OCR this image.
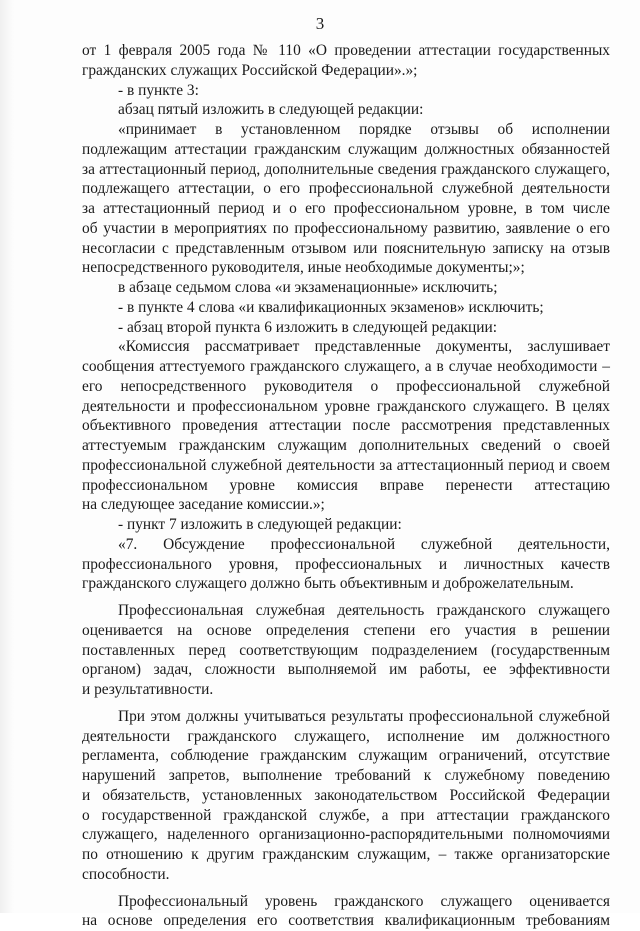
3
от 1 февраля 2005 года № 110 «О проведении аттестации государственных
гражданских служащих Российской Федерации».»;
- в пункте 3:
абзац пятый изложить в следующей редакции:
«принимает в установленном порядке отзывы об исполнении
подлежащим аттестации гражданским служащим должностных обязанностей
за аттестационный период, дополнительные сведения гражданского служащего,
подлежащего аттестации, о его профессиональной служебной деятельности
за аттестационный период и о его профессиональном уровне, в том числе
об участии в мероприятиях по профессиональному развитию, заявление о его
несогласии с представленным отзывом или пояснительную записку на отзыв
непосредственного руководителя, иные необходимые документы;»;
в абзаце седьмом слова «и экзаменационные» исключить;
- в пункте 4 слова «и квалификационных экзаменов» исключить;
- абзац второй пункта 6 изложить в следующей редакции:
«Комиссия рассматривает представленные документы, заслушивает
сообщения аттестуемого гражданского служащего, а в случае необходимости –
его непосредственного руководителя о профессиональной служебной
деятельности и профессиональном уровне гражданского служащего. В целях
объективного проведения аттестации после рассмотрения представленных
аттестуемым гражданским служащим дополнительных сведений о своей
профессиональной служебной деятельности за аттестационный период и своем
профессиональном уровне комиссия вправе перенести аттестацию
на следующее заседание комиссии.»;
- пункт 7 изложить в следующей редакции:
«7. Обсуждение профессиональной служебной деятельности,
профессионального уровня, профессиональных и личностных качеств
гражданского служащего должно быть объективным и доброжелательным.
Профессиональная служебная деятельность гражданского служащего
оценивается на основе определения степени его участия в решении
поставленных перед соответствующим подразделением (государственным
органом) задач, сложности выполняемой им работы, ее эффективности
и результативности.
При этом должны учитываться результаты профессиональной служебной
деятельности гражданского служащего, исполнение им должностного
регламента, соблюдение гражданским служащим ограничений, отсутствие
нарушений запретов, выполнение требований к служебному поведению
и обязательств, установленных законодательством Российской Федерации
о государственной гражданской службе, а при аттестации гражданского
служащего, наделенного организационно-распорядительными полномочиями
по отношению к другим гражданским служащим, – также организаторские
способности.
Профессиональный уровень гражданского служащего оценивается
на основе определения его соответствия квалификационным требованиям
